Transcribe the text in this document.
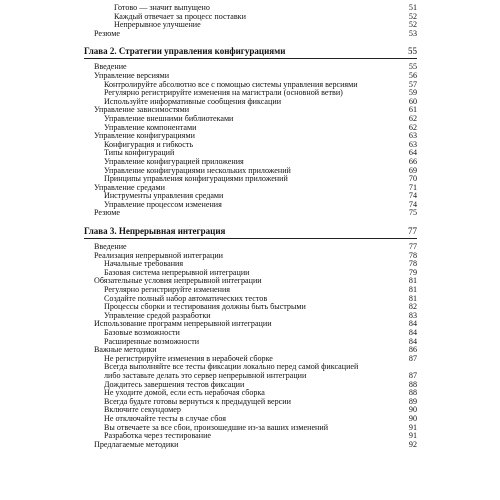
Готово — значит выпущено	51
Каждый отвечает за процесс поставки	52
Непрерывное улучшение	52
Резюме	53
Глава 2. Стратегии управления конфигурациями	55
Введение	55
Управление версиями	56
Контролируйте абсолютно все с помощью системы управления версиями	57
Регулярно регистрируйте изменения на магистрали (основной ветви)	59
Используйте информативные сообщения фиксации	60
Управление зависимостями	61
Управление внешними библиотеками	62
Управление компонентами	62
Управление конфигурациями	63
Конфигурация и гибкость	63
Типы конфигураций	64
Управление конфигурацией приложения	66
Управление конфигурациями нескольких приложений	69
Принципы управления конфигурациями приложений	70
Управление средами	71
Инструменты управления средами	74
Управление процессом изменения	74
Резюме	75
Глава 3. Непрерывная интеграция	77
Введение	77
Реализация непрерывной интеграции	78
Начальные требования	78
Базовая система непрерывной интеграции	79
Обязательные условия непрерывной интеграции	81
Регулярно регистрируйте изменения	81
Создайте полный набор автоматических тестов	81
Процессы сборки и тестирования должны быть быстрыми	82
Управление средой разработки	83
Использование программ непрерывной интеграции	84
Базовые возможности	84
Расширенные возможности	84
Важные методики	86
Не регистрируйте изменения в нерабочей сборке	87
Всегда выполняйте все тесты фиксации локально перед самой фиксацией
либо заставьте делать это сервер непрерывной интеграции	87
Дождитесь завершения тестов фиксации	88
Не уходите домой, если есть нерабочая сборка	88
Всегда будьте готовы вернуться к предыдущей версии	89
Включите секундомер	90
Не отключайте тесты в случае сбоя	90
Вы отвечаете за все сбои, произошедшие из-за ваших изменений	91
Разработка через тестирование	91
Предлагаемые методики	92
